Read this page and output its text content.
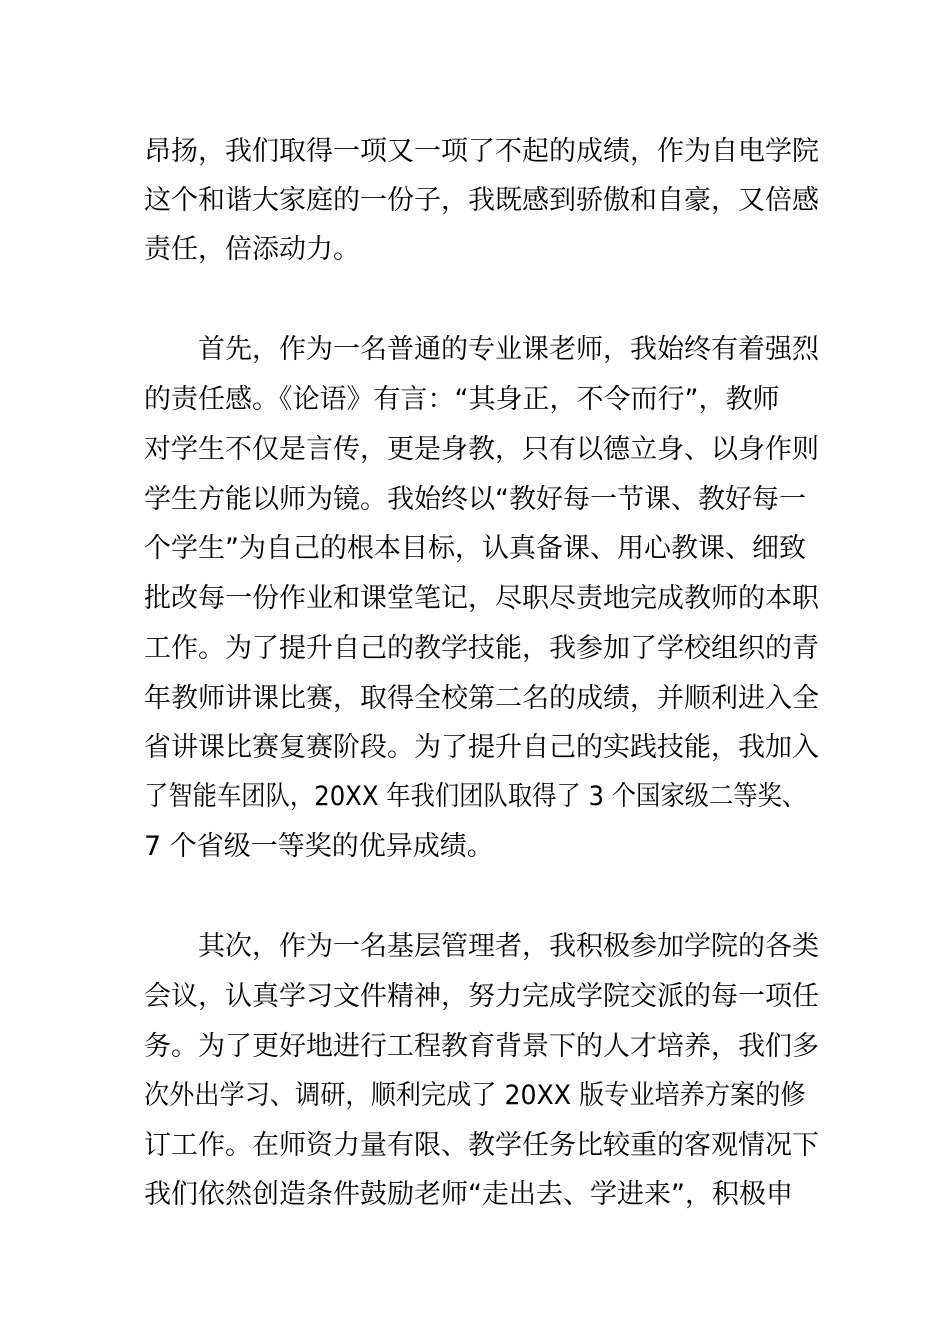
昂扬，我们取得一项又一项了不起的成绩，作为自电学院
这个和谐大家庭的一份子，我既感到骄傲和自豪，又倍感
责任，倍添动力。
首先，作为一名普通的专业课老师，我始终有着强烈
的责任感。《论语》有言：“其身正，不令而行”，教师
对学生不仅是言传，更是身教，只有以德立身、以身作则
学生方能以师为镜。我始终以“教好每一节课、教好每一
个学生”为自己的根本目标，认真备课、用心教课、细致
批改每一份作业和课堂笔记，尽职尽责地完成教师的本职
工作。为了提升自己的教学技能，我参加了学校组织的青
年教师讲课比赛，取得全校第二名的成绩，并顺利进入全
省讲课比赛复赛阶段。为了提升自己的实践技能，我加入
了智能车团队，20XX 年我们团队取得了 3 个国家级二等奖、
7 个省级一等奖的优异成绩。
其次，作为一名基层管理者，我积极参加学院的各类
会议，认真学习文件精神，努力完成学院交派的每一项任
务。为了更好地进行工程教育背景下的人才培养，我们多
次外出学习、调研，顺利完成了 20XX 版专业培养方案的修
订工作。在师资力量有限、教学任务比较重的客观情况下
我们依然创造条件鼓励老师“走出去、学进来”，积极申
